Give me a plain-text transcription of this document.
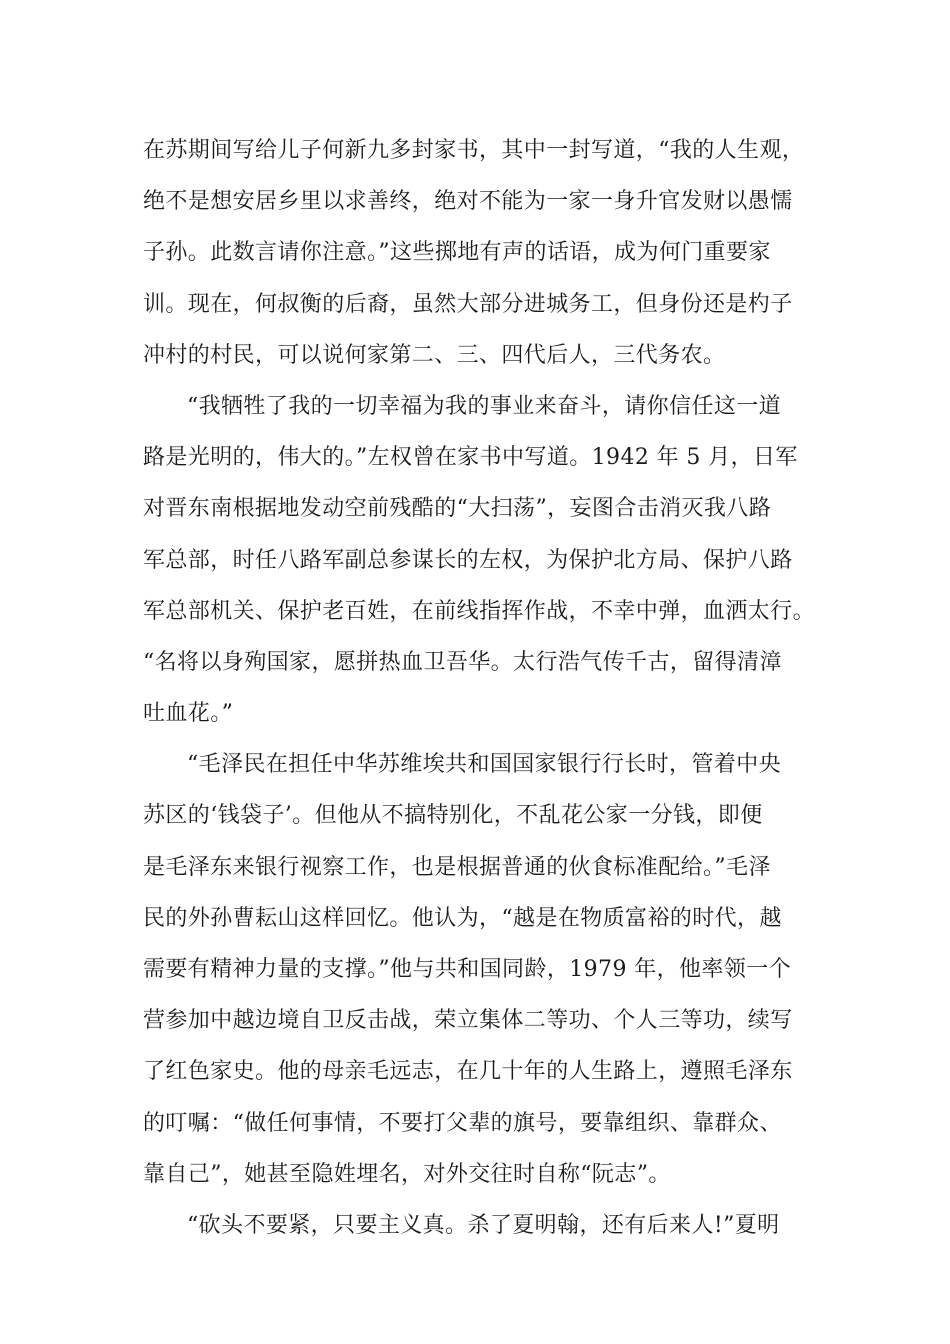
在苏期间写给儿子何新九多封家书，其中一封写道，“我的人生观，
绝不是想安居乡里以求善终，绝对不能为一家一身升官发财以愚懦
子孙。此数言请你注意。”这些掷地有声的话语，成为何门重要家
训。现在，何叔衡的后裔，虽然大部分进城务工，但身份还是杓子
冲村的村民，可以说何家第二、三、四代后人，三代务农。
“我牺牲了我的一切幸福为我的事业来奋斗，请你信任这一道
路是光明的，伟大的。”左权曾在家书中写道。1942 年 5 月，日军
对晋东南根据地发动空前残酷的“大扫荡”，妄图合击消灭我八路
军总部，时任八路军副总参谋长的左权，为保护北方局、保护八路
军总部机关、保护老百姓，在前线指挥作战，不幸中弹，血洒太行。
“名将以身殉国家，愿拼热血卫吾华。太行浩气传千古，留得清漳
吐血花。”
“毛泽民在担任中华苏维埃共和国国家银行行长时，管着中央
苏区的‘钱袋子’。但他从不搞特别化，不乱花公家一分钱，即便
是毛泽东来银行视察工作，也是根据普通的伙食标准配给。”毛泽
民的外孙曹耘山这样回忆。他认为，“越是在物质富裕的时代，越
需要有精神力量的支撑。”他与共和国同龄，1979 年，他率领一个
营参加中越边境自卫反击战，荣立集体二等功、个人三等功，续写
了红色家史。他的母亲毛远志，在几十年的人生路上，遵照毛泽东
的叮嘱：“做任何事情，不要打父辈的旗号，要靠组织、靠群众、
靠自己”，她甚至隐姓埋名，对外交往时自称“阮志”。
“砍头不要紧，只要主义真。杀了夏明翰，还有后来人!”夏明
